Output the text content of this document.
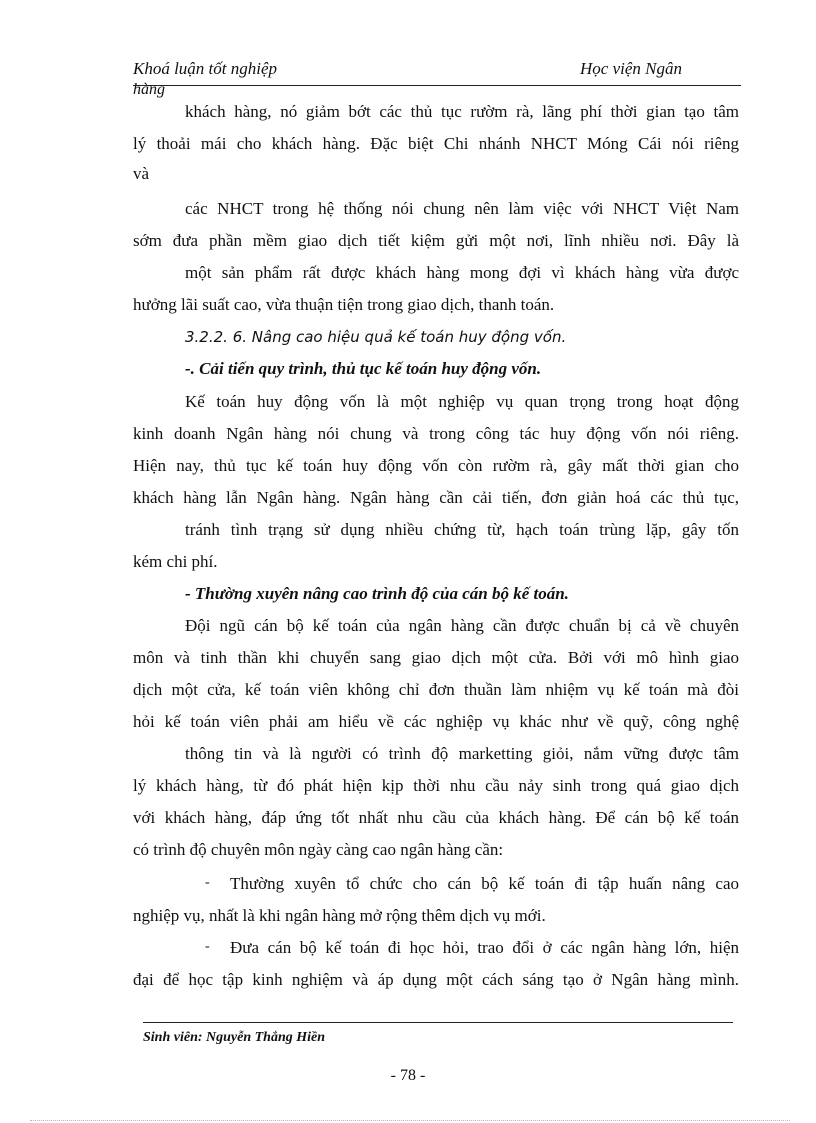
Khoá luận tốt nghiệp	Học viện Ngân
hàng
khách hàng, nó giảm bớt các thủ tục rườm rà, lãng phí thời gian tạo tâm
lý thoải mái cho khách hàng. Đặc biệt Chi nhánh NHCT Móng Cái nói riêng
và
các NHCT trong hệ thống nói chung nên làm việc với NHCT Việt Nam
sớm đưa phần mềm giao dịch tiết kiệm gửi một nơi, lĩnh nhiều nơi. Đây là
một sản phẩm rất được khách hàng mong đợi vì khách hàng vừa được
hưởng lãi suất cao, vừa thuận tiện trong giao dịch, thanh toán.
3.2.2. 6. Nâng cao hiệu quả kế toán huy động vốn.
-. Cải tiến quy trình, thủ tục kế toán huy động vốn.
Kế toán huy động vốn là một nghiệp vụ quan trọng trong hoạt động
kinh doanh Ngân hàng nói chung và trong công tác huy động vốn nói riêng.
Hiện nay, thủ tục kế toán huy động vốn còn rườm rà, gây mất thời gian cho
khách hàng lẫn Ngân hàng. Ngân hàng cần cải tiến, đơn giản hoá các thủ tục,
tránh tình trạng sử dụng nhiều chứng từ, hạch toán trùng lặp, gây tốn
kém chi phí.
- Thường xuyên nâng cao trình độ của cán bộ kế toán.
Đội ngũ cán bộ kế toán của ngân hàng cần được chuẩn bị cả về chuyên
môn và tinh thần khi chuyển sang giao dịch một cửa. Bởi với mô hình giao
dịch một cửa, kế toán viên không chỉ đơn thuần làm nhiệm vụ kế toán mà đòi
hỏi kế toán viên phải am hiểu về các nghiệp vụ khác như về quỹ, công nghệ
thông tin và là người có trình độ marketting giỏi, nắm vững được tâm
lý khách hàng, từ đó phát hiện kịp thời nhu cầu nảy sinh trong quá giao dịch
với khách hàng, đáp ứng tốt nhất nhu cầu của khách hàng. Để cán bộ kế toán
có trình độ chuyên môn ngày càng cao ngân hàng cần:
- Thường xuyên tổ chức cho cán bộ kế toán đi tập huấn nâng cao
nghiệp vụ, nhất là khi ngân hàng mở rộng thêm dịch vụ mới.
- Đưa cán bộ kế toán đi học hỏi, trao đổi ở các ngân hàng lớn, hiện
đại để học tập kinh nghiệm và áp dụng một cách sáng tạo ở Ngân hàng mình.
Sinh viên: Nguyễn Thắng Hiền
- 78 -
